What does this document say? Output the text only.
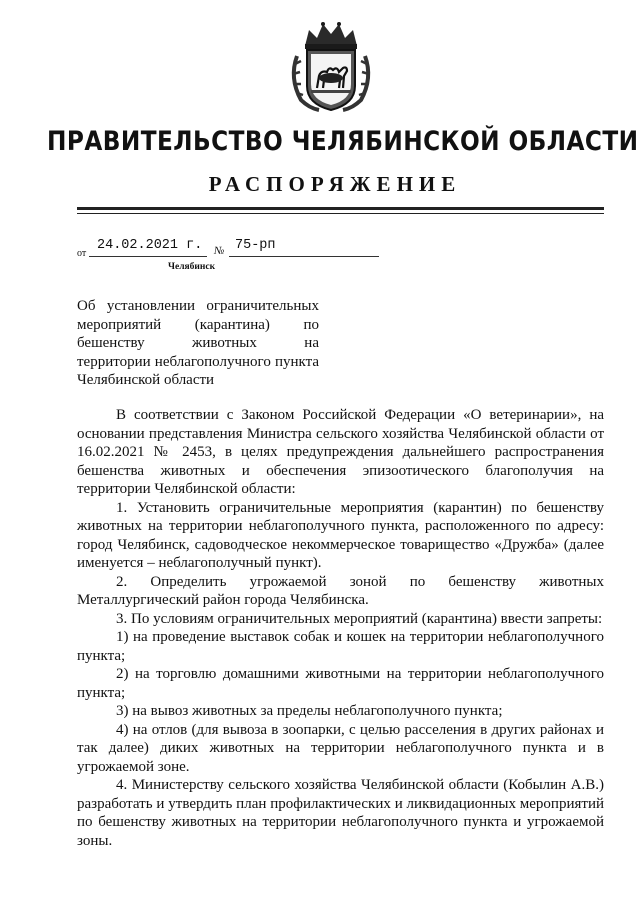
ПРАВИТЕЛЬСТВО ЧЕЛЯБИНСКОЙ ОБЛАСТИ
РАСПОРЯЖЕНИЕ
от
24.02.2021 г. № 75-рп
Челябинск
Об установлении ограничительных
мероприятий (карантина) по
бешенству животных на
территории неблагополучного пункта
Челябинской области

В соответствии с Законом Российской Федерации «О ветеринарии», на основании представления Министра сельского хозяйства Челябинской области от 16.02.2021 № 2453, в целях предупреждения дальнейшего распространения бешенства животных и обеспечения эпизоотического благополучия на территории Челябинской области:

1. Установить ограничительные мероприятия (карантин) по бешенству животных на территории неблагополучного пункта, расположенного по адресу: город Челябинск, садоводческое некоммерческое товарищество «Дружба» (далее именуется – неблагополучный пункт).

2. Определить угрожаемой зоной по бешенству животных Металлургический район города Челябинска.

3. По условиям ограничительных мероприятий (карантина) ввести запреты:

1) на проведение выставок собак и кошек на территории неблагополучного пункта;

2) на торговлю домашними животными на территории неблагополучного пункта;

3) на вывоз животных за пределы неблагополучного пункта;

4) на отлов (для вывоза в зоопарки, с целью расселения в других районах и так далее) диких животных на территории неблагополучного пункта и в угрожаемой зоне.

4. Министерству сельского хозяйства Челябинской области (Кобылин А.В.) разработать и утвердить план профилактических и ликвидационных мероприятий по бешенству животных на территории неблагополучного пункта и угрожаемой зоны.
